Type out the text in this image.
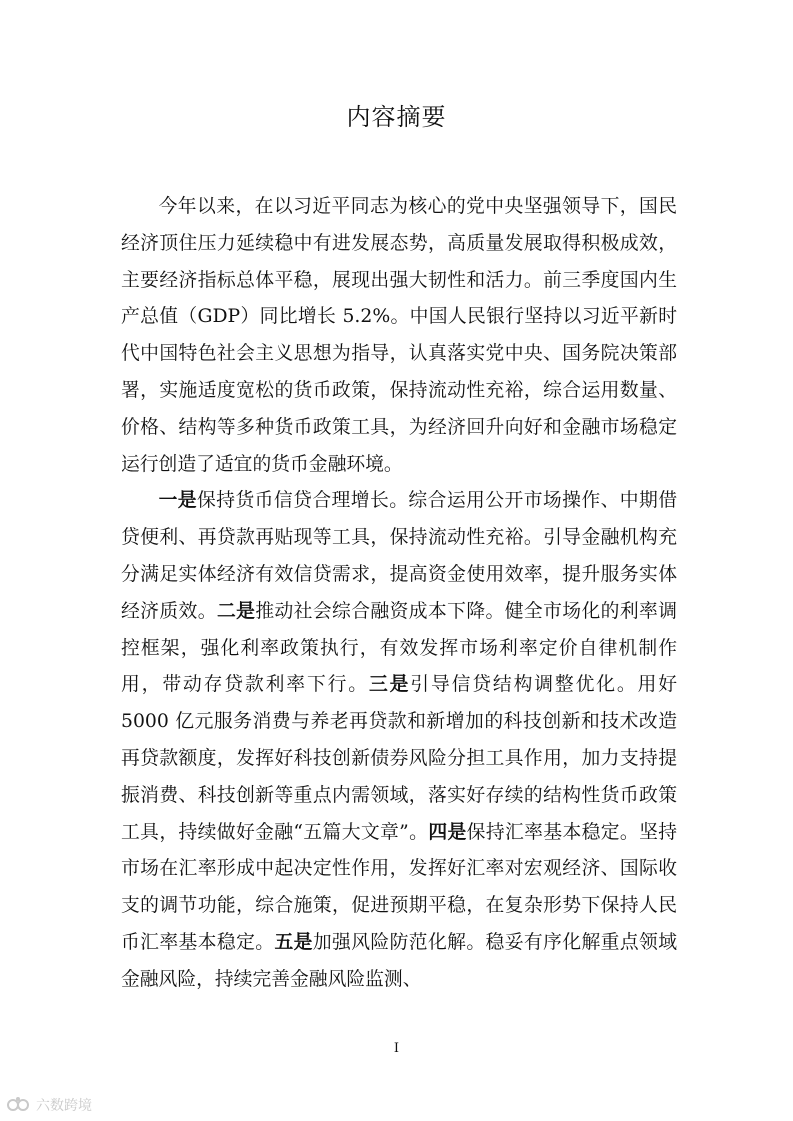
内容摘要

今年以来，在以习近平同志为核心的党中央坚强领导下，国民经济顶住压力延续稳中有进发展态势，高质量发展取得积极成效，主要经济指标总体平稳，展现出强大韧性和活力。前三季度国内生产总值（GDP）同比增长 5.2%。中国人民银行坚持以习近平新时代中国特色社会主义思想为指导，认真落实党中央、国务院决策部署，实施适度宽松的货币政策，保持流动性充裕，综合运用数量、价格、结构等多种货币政策工具，为经济回升向好和金融市场稳定运行创造了适宜的货币金融环境。

一是保持货币信贷合理增长。综合运用公开市场操作、中期借贷便利、再贷款再贴现等工具，保持流动性充裕。引导金融机构充分满足实体经济有效信贷需求，提高资金使用效率，提升服务实体经济质效。二是推动社会综合融资成本下降。健全市场化的利率调控框架，强化利率政策执行，有效发挥市场利率定价自律机制作用，带动存贷款利率下行。三是引导信贷结构调整优化。用好 5000 亿元服务消费与养老再贷款和新增加的科技创新和技术改造再贷款额度，发挥好科技创新债券风险分担工具作用，加力支持提振消费、科技创新等重点内需领域，落实好存续的结构性货币政策工具，持续做好金融“五篇大文章”。四是保持汇率基本稳定。坚持市场在汇率形成中起决定性作用，发挥好汇率对宏观经济、国际收支的调节功能，综合施策，促进预期平稳，在复杂形势下保持人民币汇率基本稳定。五是加强风险防范化解。稳妥有序化解重点领域金融风险，持续完善金融风险监测、

I
六数跨境
